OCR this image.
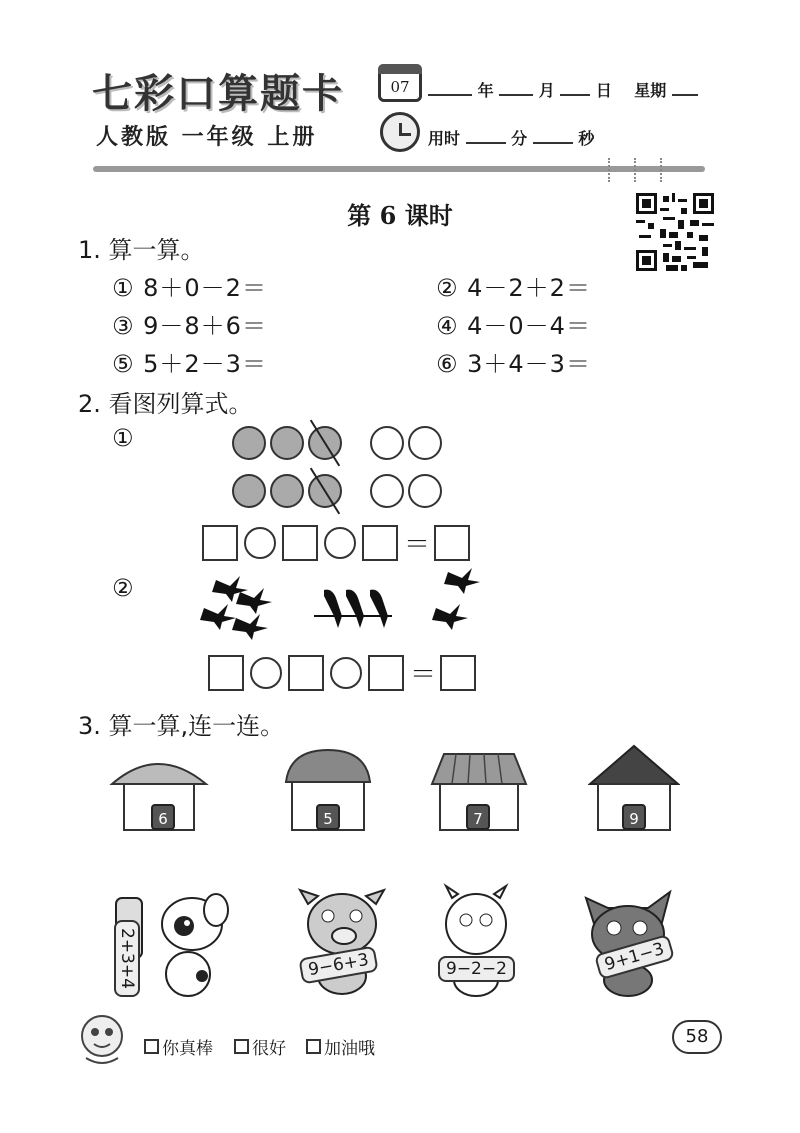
七彩口算题卡
人教版 一年级 上册
07	年	月	日 星期
用时	分	秒
第 6 课时
1. 算一算。
① 8＋0－2＝	② 4－2＋2＝
③ 9－8＋6＝	④ 4－0－4＝
⑤ 5＋2－3＝	⑥ 3＋4－3＝
2. 看图列算式。
①
＝
②
＝
3. 算一算,连一连。
6	5	7	9
2+3+4	9−6+3	9−2−2	9+1−3
你真棒 很好 加油哦
58
